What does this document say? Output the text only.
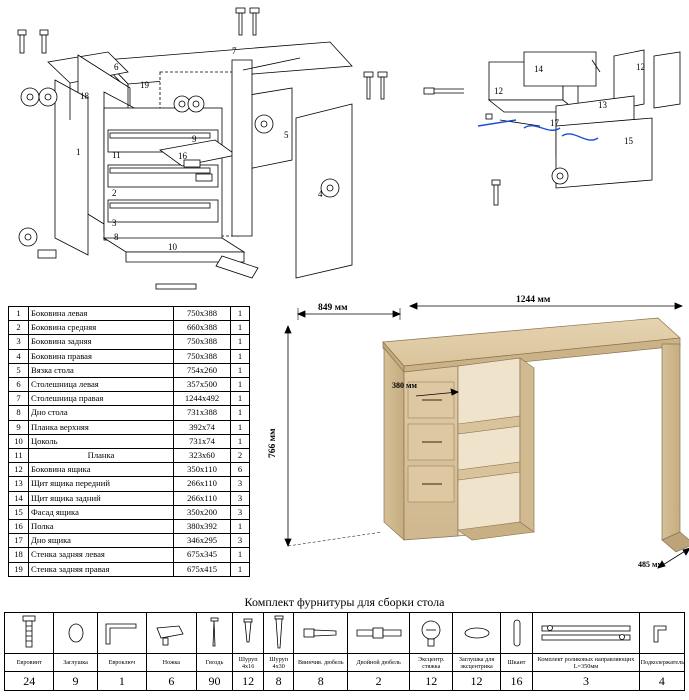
6
7
19
18
1	11
2
3
8
10
16
5
9
4
14	12
12
13
17
15
1	Боковина левая	750х388	1
2	Боковина средняя	660х388	1
3	Боковина задняя	750х388	1
4	Боковина правая	750х388	1
5	Вязка стола	754х260	1
6	Столешница левая	357х500	1
7	Столешница правая	1244х492	1
8	Дно стола	731х388	1
9	Планка верхняя	392х74	1
10	Цоколь	731х74	1
11	Планка	323х60	2
12	Боковина ящика	350х110	6
13	Щит ящика передний	266х110	3
14	Щит ящика задний	266х110	3
15	Фасад ящика	350х200	3
16	Полка	380х392	1
17	Дно ящика	346х295	3
18	Стенка задняя левая	675х345	1
19	Стенка задняя правая	675х415	1
849 мм
1244 мм
766 мм
380 мм
485 мм
Комплект фурнитуры для сборки стола

Евровинт	Заглушка	Евроключ	Ножка	Гвоздь	Шуруп 4х16	Шуруп 4х30	Ввинчив. дюбель	Двойной дюбель	Эксцентр. стяжка	Заглушка для эксцентрика	Шкант	Комплект роликовых направляющих L=350мм	Подколержатель
24	9	1	6	90	12	8	8	2	12	12	16	3	4
